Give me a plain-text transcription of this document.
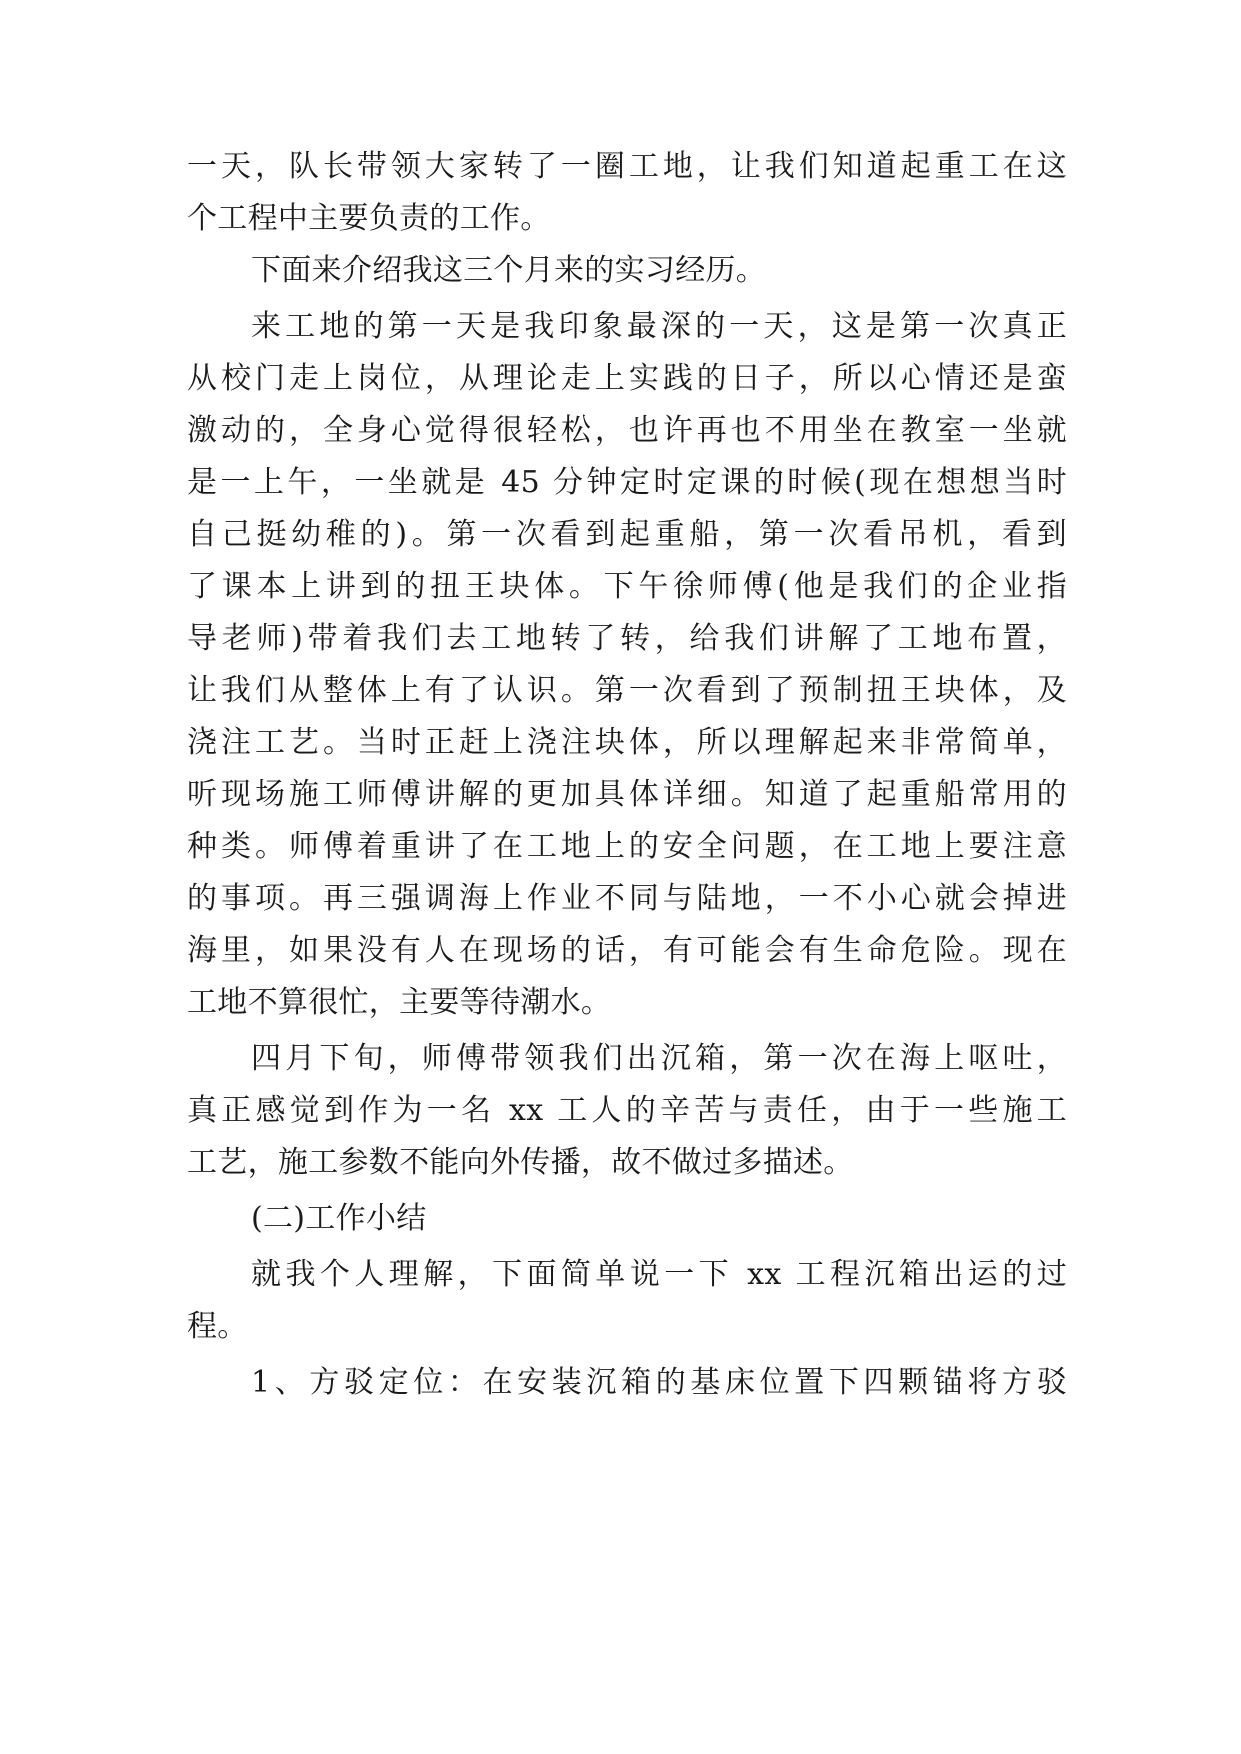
一天，队长带领大家转了一圈工地，让我们知道起重工在这
个工程中主要负责的工作。
下面来介绍我这三个月来的实习经历。
来工地的第一天是我印象最深的一天，这是第一次真正
从校门走上岗位，从理论走上实践的日子，所以心情还是蛮
激动的，全身心觉得很轻松，也许再也不用坐在教室一坐就
是一上午，一坐就是 45 分钟定时定课的时候(现在想想当时
自己挺幼稚的)。第一次看到起重船，第一次看吊机，看到
了课本上讲到的扭王块体。下午徐师傅(他是我们的企业指
导老师)带着我们去工地转了转，给我们讲解了工地布置，
让我们从整体上有了认识。第一次看到了预制扭王块体，及
浇注工艺。当时正赶上浇注块体，所以理解起来非常简单，
听现场施工师傅讲解的更加具体详细。知道了起重船常用的
种类。师傅着重讲了在工地上的安全问题，在工地上要注意
的事项。再三强调海上作业不同与陆地，一不小心就会掉进
海里，如果没有人在现场的话，有可能会有生命危险。现在
工地不算很忙，主要等待潮水。
四月下旬，师傅带领我们出沉箱，第一次在海上呕吐，
真正感觉到作为一名 xx 工人的辛苦与责任，由于一些施工
工艺，施工参数不能向外传播，故不做过多描述。
(二)工作小结
就我个人理解，下面简单说一下 xx 工程沉箱出运的过
程。
1、方驳定位：在安装沉箱的基床位置下四颗锚将方驳
